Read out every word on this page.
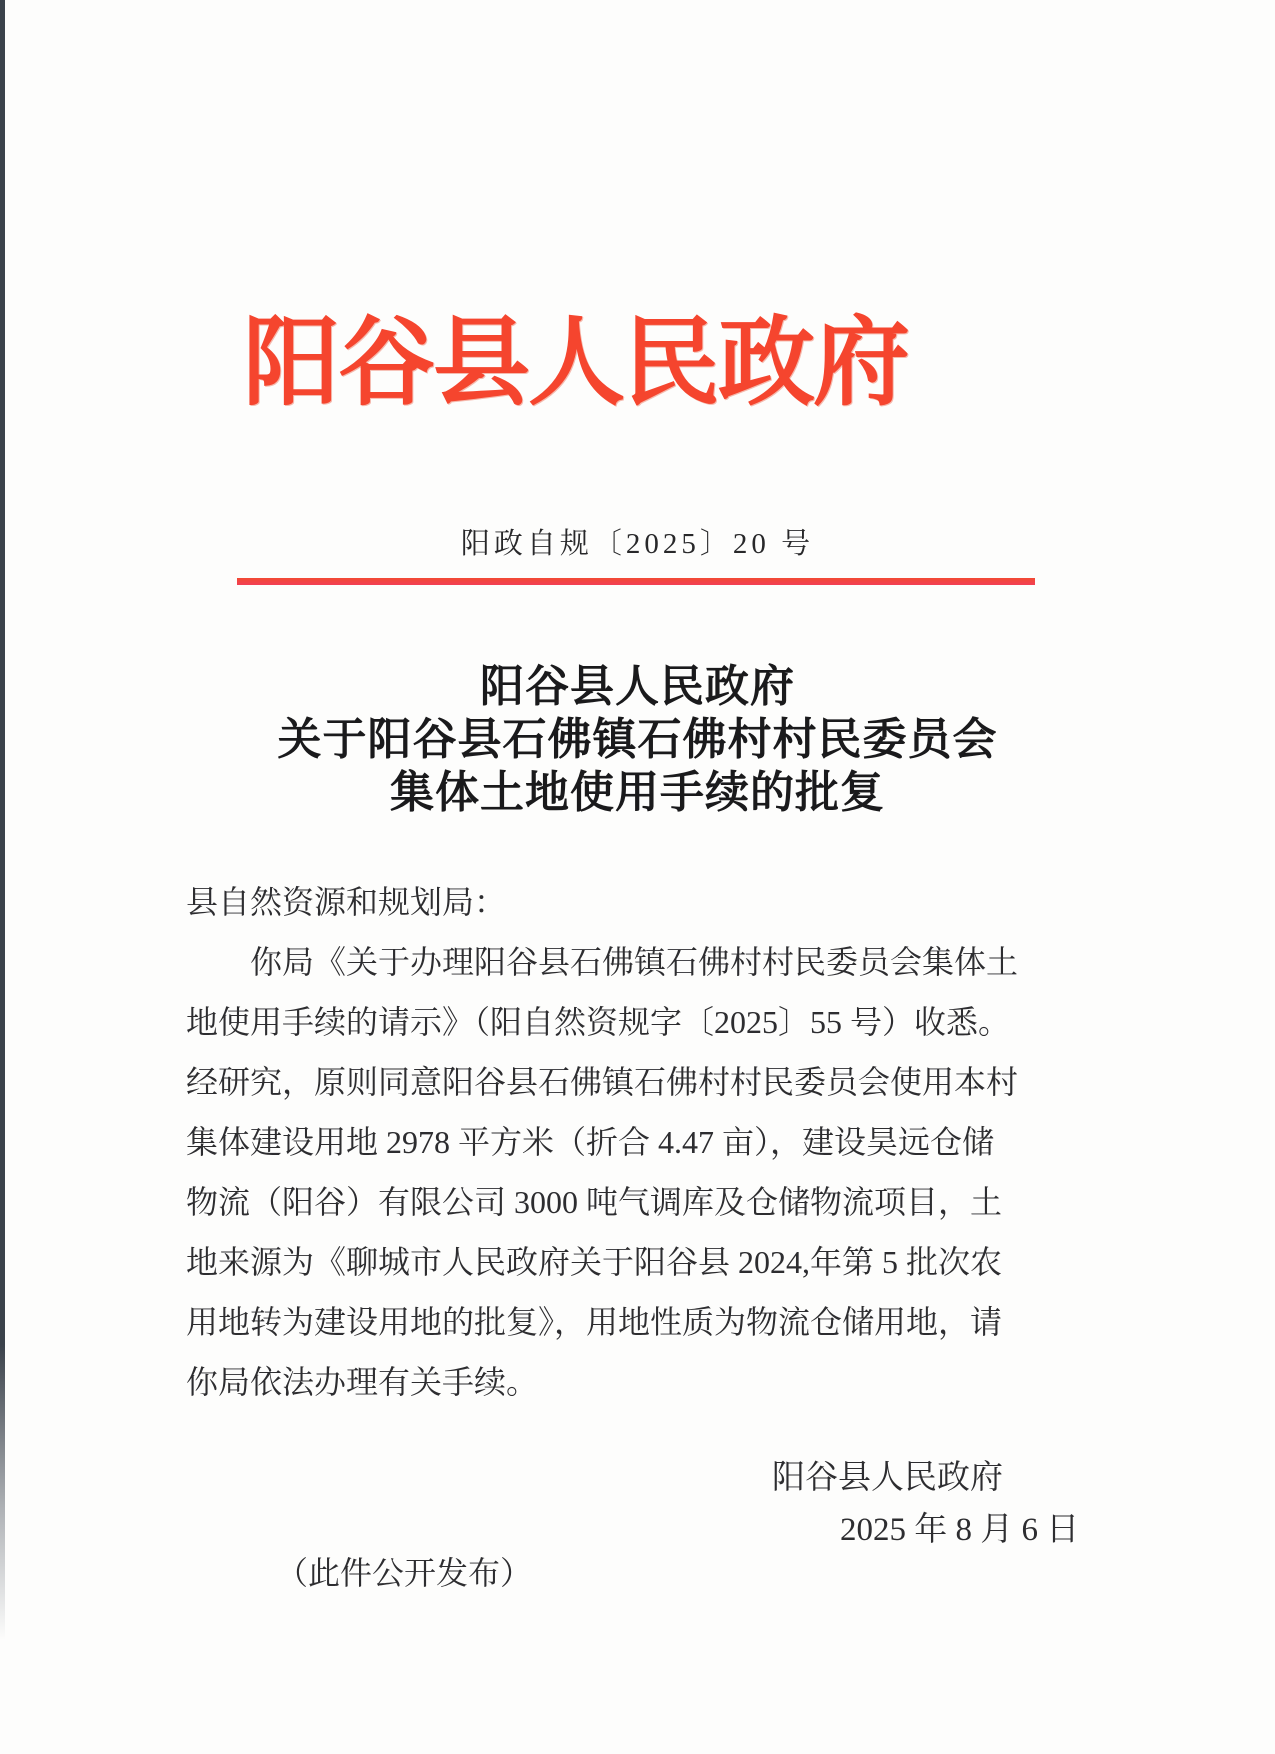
阳谷县人民政府
阳政自规〔2025〕20 号
阳谷县人民政府
关于阳谷县石佛镇石佛村村民委员会
集体土地使用手续的批复
县自然资源和规划局：
你局《关于办理阳谷县石佛镇石佛村村民委员会集体土
地使用手续的请示》（阳自然资规字〔2025〕55 号）收悉。
经研究，原则同意阳谷县石佛镇石佛村村民委员会使用本村
集体建设用地 2978 平方米（折合 4.47 亩），建设昊远仓储
物流（阳谷）有限公司 3000 吨气调库及仓储物流项目，土
地来源为《聊城市人民政府关于阳谷县 2024,年第 5 批次农
用地转为建设用地的批复》，用地性质为物流仓储用地，请
你局依法办理有关手续。
阳谷县人民政府
2025 年 8 月 6 日
（此件公开发布）
